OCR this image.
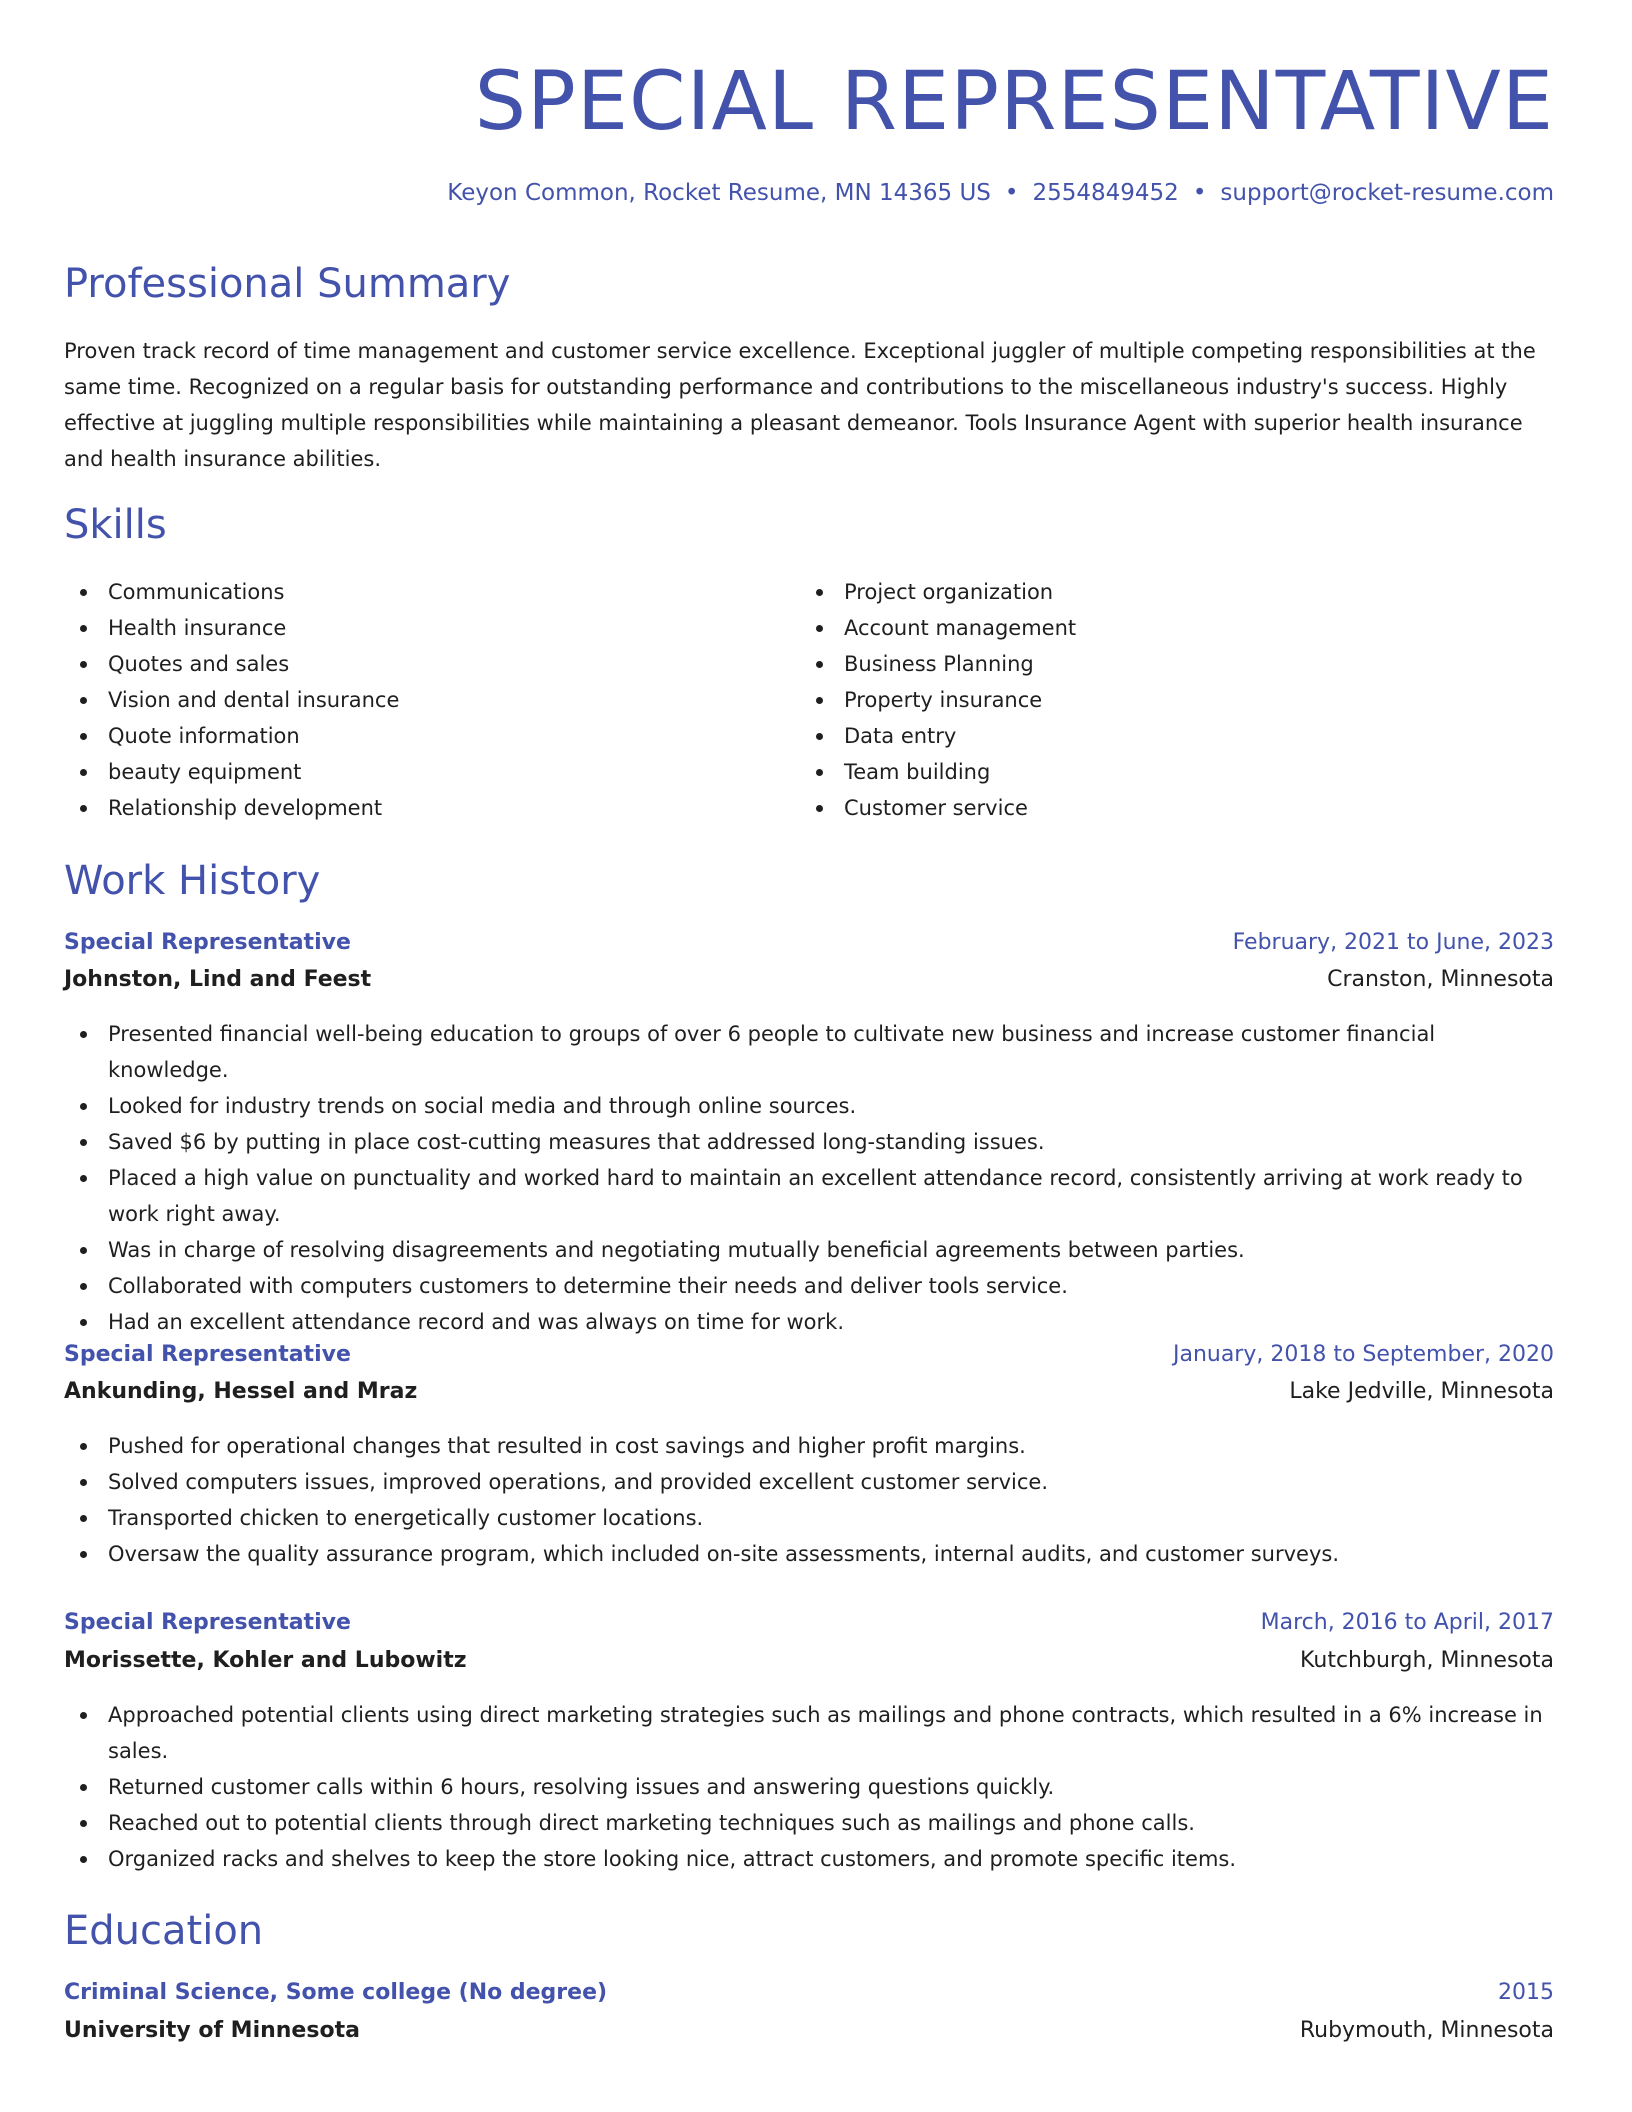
SPECIAL REPRESENTATIVE
Keyon Common, Rocket Resume, MN 14365 US • 2554849452 • support@rocket-resume.com
Professional Summary

Proven track record of time management and customer service excellence. Exceptional juggler of multiple competing responsibilities at the same time. Recognized on a regular basis for outstanding performance and contributions to the miscellaneous industry's success. Highly effective at juggling multiple responsibilities while maintaining a pleasant demeanor. Tools Insurance Agent with superior health insurance and health insurance abilities.

Skills
Communications
Health insurance
Quotes and sales
Vision and dental insurance
Quote information
beauty equipment
Relationship development
Project organization
Account management
Business Planning
Property insurance
Data entry
Team building
Customer service
Work History
Special Representative	February, 2021 to June, 2023
Johnston, Lind and Feest	Cranston, Minnesota
Presented financial well-being education to groups of over 6 people to cultivate new business and increase customer financial knowledge.
Looked for industry trends on social media and through online sources.
Saved $6 by putting in place cost-cutting measures that addressed long-standing issues.
Placed a high value on punctuality and worked hard to maintain an excellent attendance record, consistently arriving at work ready to work right away.
Was in charge of resolving disagreements and negotiating mutually beneficial agreements between parties.
Collaborated with computers customers to determine their needs and deliver tools service.
Had an excellent attendance record and was always on time for work.
Special Representative	January, 2018 to September, 2020
Ankunding, Hessel and Mraz	Lake Jedville, Minnesota
Pushed for operational changes that resulted in cost savings and higher profit margins.
Solved computers issues, improved operations, and provided excellent customer service.
Transported chicken to energetically customer locations.
Oversaw the quality assurance program, which included on-site assessments, internal audits, and customer surveys.
Special Representative	March, 2016 to April, 2017
Morissette, Kohler and Lubowitz	Kutchburgh, Minnesota
Approached potential clients using direct marketing strategies such as mailings and phone contracts, which resulted in a 6% increase in sales.
Returned customer calls within 6 hours, resolving issues and answering questions quickly.
Reached out to potential clients through direct marketing techniques such as mailings and phone calls.
Organized racks and shelves to keep the store looking nice, attract customers, and promote specific items.
Education
Criminal Science, Some college (No degree)	2015
University of Minnesota	Rubymouth, Minnesota
